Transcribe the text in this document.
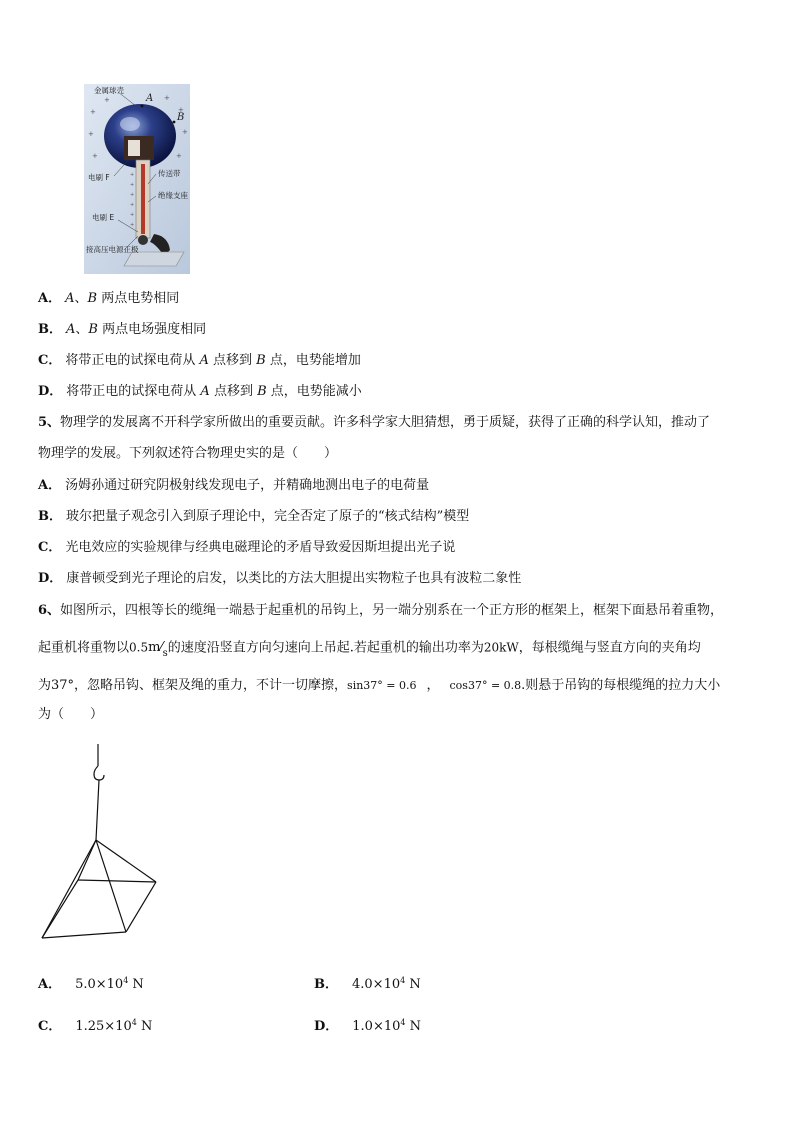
+	+
+	+
+	+
+	+
+
+
+
+
+
+
金属球壳
A
B
电刷 F	传送带
绝缘支座
电刷 E
接高压电源正极
A． A、B 两点电势相同
B． A、B 两点电场强度相同
C． 将带正电的试探电荷从 A 点移到 B 点，电势能增加
D． 将带正电的试探电荷从 A 点移到 B 点，电势能减小
5、物理学的发展离不开科学家所做出的重要贡献。许多科学家大胆猜想，勇于质疑，获得了正确的科学认知，推动了
物理学的发展。下列叙述符合物理史实的是（　　）
A． 汤姆孙通过研究阴极射线发现电子，并精确地测出电子的电荷量
B． 玻尔把量子观念引入到原子理论中，完全否定了原子的“核式结构”模型
C． 光电效应的实验规律与经典电磁理论的矛盾导致爱因斯坦提出光子说
D． 康普顿受到光子理论的启发，以类比的方法大胆提出实物粒子也具有波粒二象性
6、如图所示，四根等长的缆绳一端悬于起重机的吊钩上，另一端分别系在一个正方形的框架上，框架下面悬吊着重物，
起重机将重物以$0.5m⁄_s$的速度沿竖直方向匀速向上吊起.若起重机的输出功率为20kW，每根缆绳与竖直方向的夹角均
为37°，忽略吊钩、框架及绳的重力，不计一切摩擦，sin37° = 0.6 ， cos37° = 0.8.则悬于吊钩的每根缆绳的拉力大小
为（　　）
A． $5.0\times 10^4$ N	B． $4.0\times 10^4$ N
C． $1.25\times 10^4$ N	D． $1.0\times 10^4$ N
